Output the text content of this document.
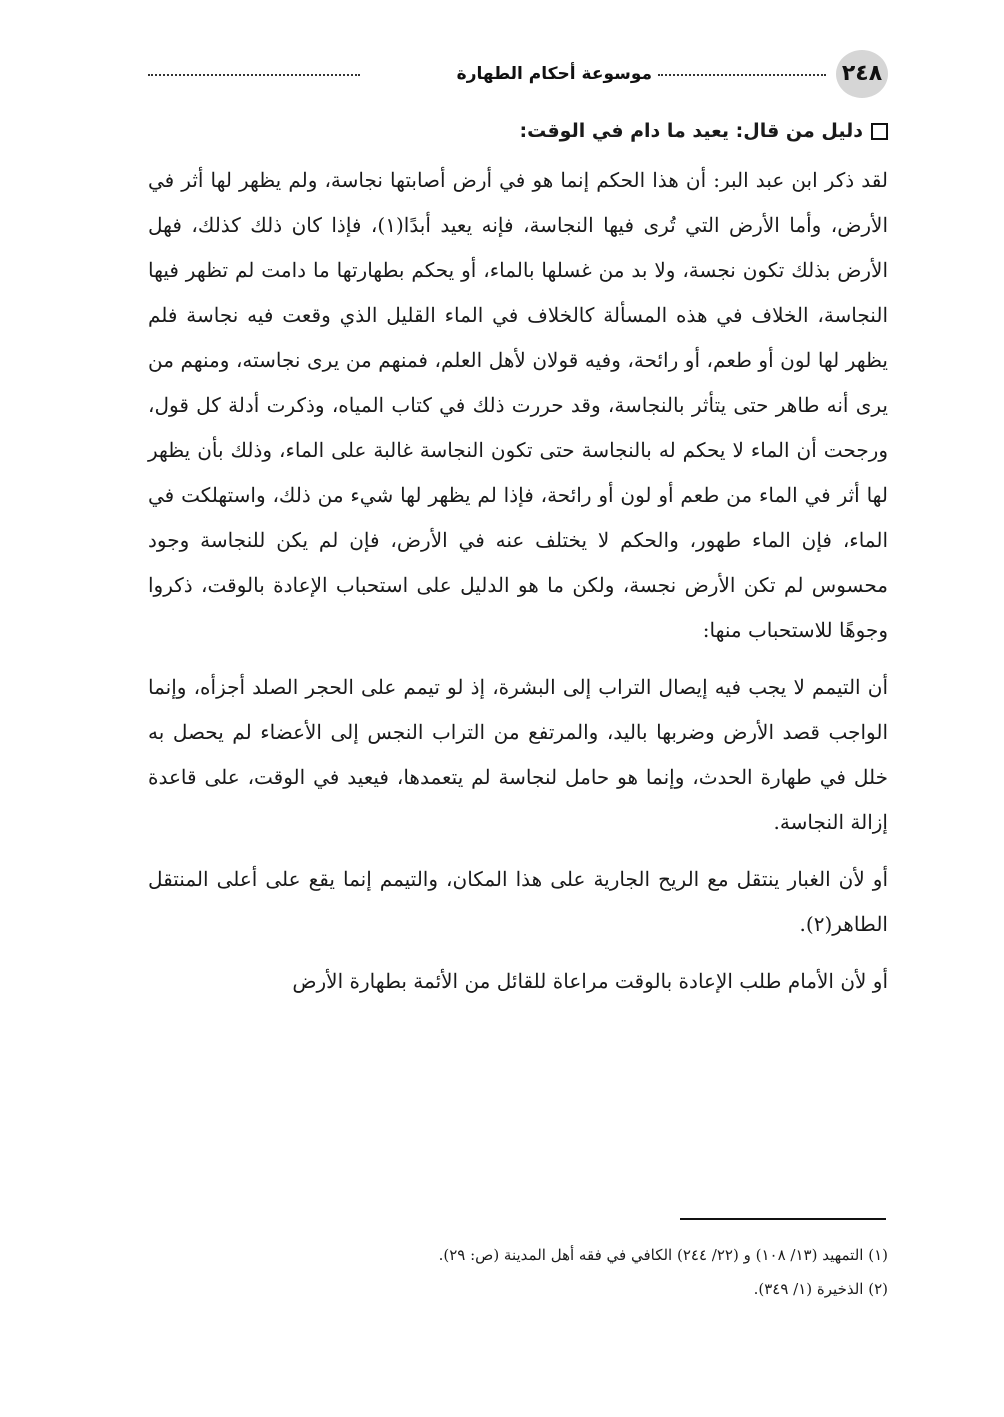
موسوعة أحكام الطهارة	٢٤٨
دليل من قال: يعيد ما دام في الوقت:

لقد ذكر ابن عبد البر: أن هذا الحكم إنما هو في أرض أصابتها نجاسة، ولم يظهر لها أثر في الأرض، وأما الأرض التي تُرى فيها النجاسة، فإنه يعيد أبدًا(١)، فإذا كان ذلك كذلك، فهل الأرض بذلك تكون نجسة، ولا بد من غسلها بالماء، أو يحكم بطهارتها ما دامت لم تظهر فيها النجاسة، الخلاف في هذه المسألة كالخلاف في الماء القليل الذي وقعت فيه نجاسة فلم يظهر لها لون أو طعم، أو رائحة، وفيه قولان لأهل العلم، فمنهم من يرى نجاسته، ومنهم من يرى أنه طاهر حتى يتأثر بالنجاسة، وقد حررت ذلك في كتاب المياه، وذكرت أدلة كل قول، ورجحت أن الماء لا يحكم له بالنجاسة حتى تكون النجاسة غالبة على الماء، وذلك بأن يظهر لها أثر في الماء من طعم أو لون أو رائحة، فإذا لم يظهر لها شيء من ذلك، واستهلكت في الماء، فإن الماء طهور، والحكم لا يختلف عنه في الأرض، فإن لم يكن للنجاسة وجود محسوس لم تكن الأرض نجسة، ولكن ما هو الدليل على استحباب الإعادة بالوقت، ذكروا وجوهًا للاستحباب منها:

أن التيمم لا يجب فيه إيصال التراب إلى البشرة، إذ لو تيمم على الحجر الصلد أجزأه، وإنما الواجب قصد الأرض وضربها باليد، والمرتفع من التراب النجس إلى الأعضاء لم يحصل به خلل في طهارة الحدث، وإنما هو حامل لنجاسة لم يتعمدها، فيعيد في الوقت، على قاعدة إزالة النجاسة.

أو لأن الغبار ينتقل مع الريح الجارية على هذا المكان، والتيمم إنما يقع على أعلى المنتقل الطاهر(٢).

أو لأن الأمام طلب الإعادة بالوقت مراعاة للقائل من الأئمة بطهارة الأرض

(١) التمهيد (١٣/ ١٠٨) و (٢٢/ ٢٤٤) الكافي في فقه أهل المدينة (ص: ٢٩).
(٢) الذخيرة (١/ ٣٤٩).
